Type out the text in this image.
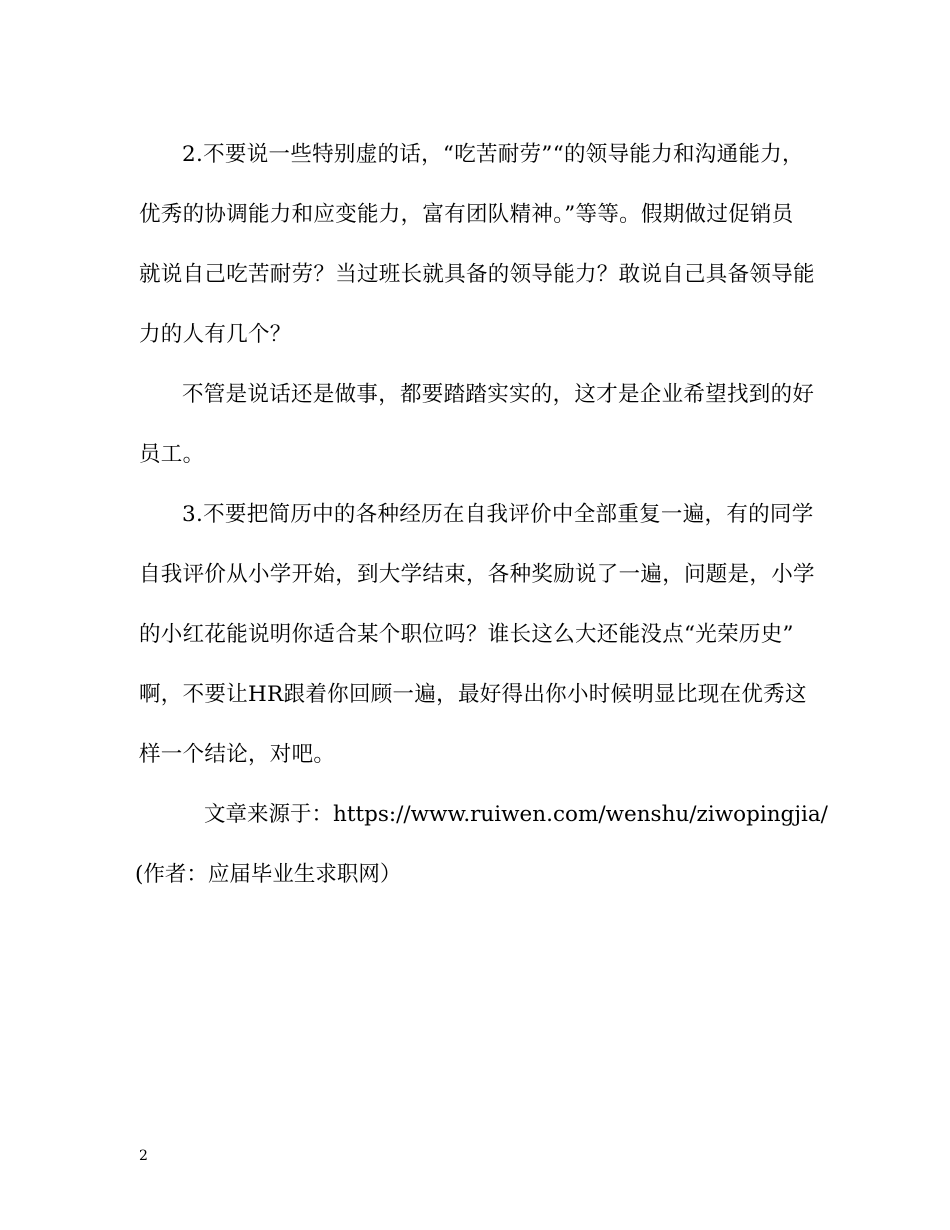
2.不要说一些特别虚的话，“吃苦耐劳”“的领导能力和沟通能力，
优秀的协调能力和应变能力，富有团队精神。”等等。假期做过促销员
就说自己吃苦耐劳？当过班长就具备的领导能力？敢说自己具备领导能
力的人有几个？

不管是说话还是做事，都要踏踏实实的，这才是企业希望找到的好
员工。

3.不要把简历中的各种经历在自我评价中全部重复一遍，有的同学
自我评价从小学开始，到大学结束，各种奖励说了一遍，问题是，小学
的小红花能说明你适合某个职位吗？谁长这么大还能没点“光荣历史”
啊，不要让HR跟着你回顾一遍，最好得出你小时候明显比现在优秀这
样一个结论，对吧。

文章来源于：https://www.ruiwen.com/wenshu/ziwopingjia/

(作者：应届毕业生求职网）

2
